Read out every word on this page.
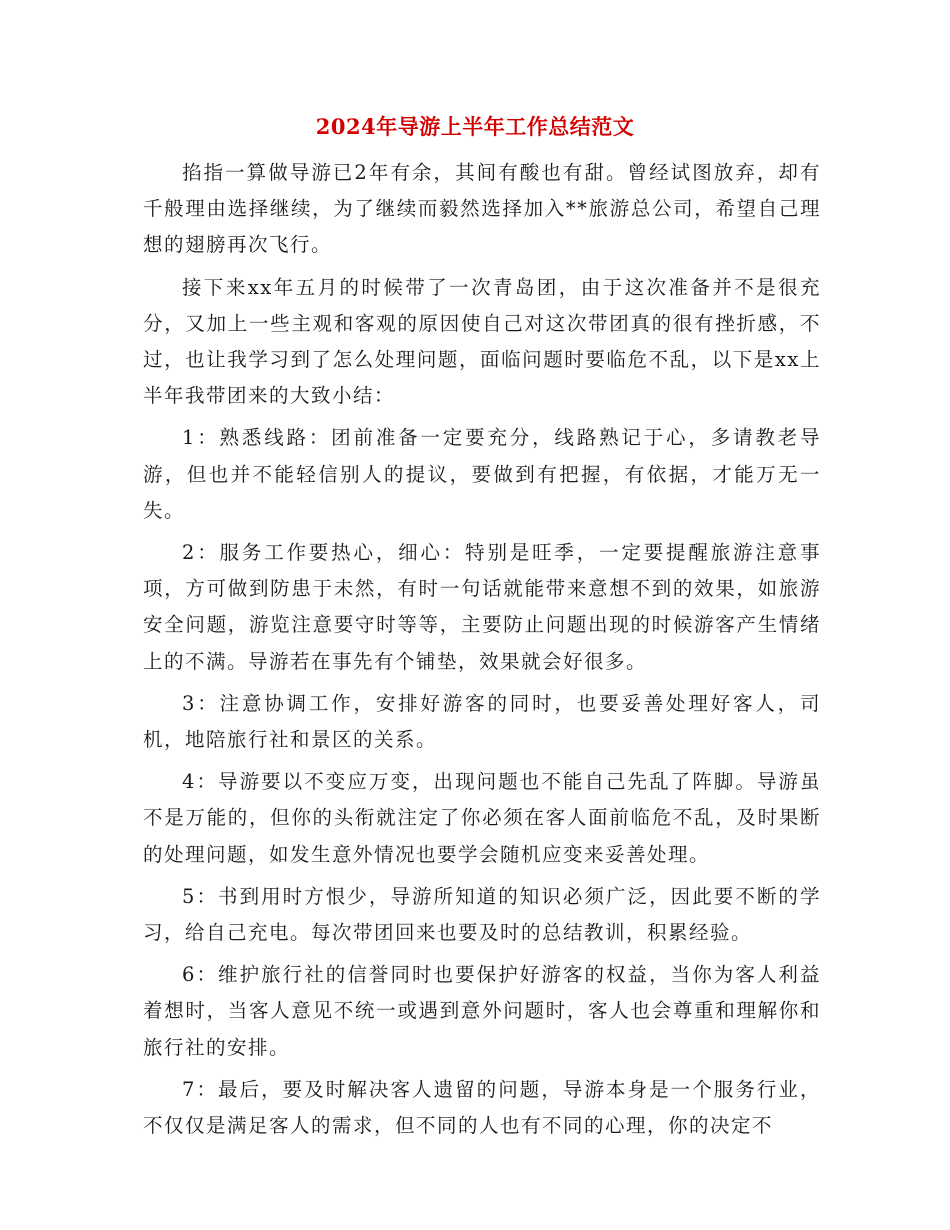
2024年导游上半年工作总结范文

掐指一算做导游已2年有余，其间有酸也有甜。曾经试图放弃，却有千般理由选择继续，为了继续而毅然选择加入**旅游总公司，希望自己理想的翅膀再次飞行。

接下来xx年五月的时候带了一次青岛团，由于这次准备并不是很充分，又加上一些主观和客观的原因使自己对这次带团真的很有挫折感，不过，也让我学习到了怎么处理问题，面临问题时要临危不乱，以下是xx上半年我带团来的大致小结：

1：熟悉线路：团前准备一定要充分，线路熟记于心，多请教老导游，但也并不能轻信别人的提议，要做到有把握，有依据，才能万无一失。

2：服务工作要热心，细心：特别是旺季，一定要提醒旅游注意事项，方可做到防患于未然，有时一句话就能带来意想不到的效果，如旅游安全问题，游览注意要守时等等，主要防止问题出现的时候游客产生情绪上的不满。导游若在事先有个铺垫，效果就会好很多。

3：注意协调工作，安排好游客的同时，也要妥善处理好客人，司机，地陪旅行社和景区的关系。

4：导游要以不变应万变，出现问题也不能自己先乱了阵脚。导游虽不是万能的，但你的头衔就注定了你必须在客人面前临危不乱，及时果断的处理问题，如发生意外情况也要学会随机应变来妥善处理。

5：书到用时方恨少，导游所知道的知识必须广泛，因此要不断的学习，给自己充电。每次带团回来也要及时的总结教训，积累经验。

6：维护旅行社的信誉同时也要保护好游客的权益，当你为客人利益着想时，当客人意见不统一或遇到意外问题时，客人也会尊重和理解你和旅行社的安排。

7：最后，要及时解决客人遗留的问题，导游本身是一个服务行业，不仅仅是满足客人的需求，但不同的人也有不同的心理，你的决定不
